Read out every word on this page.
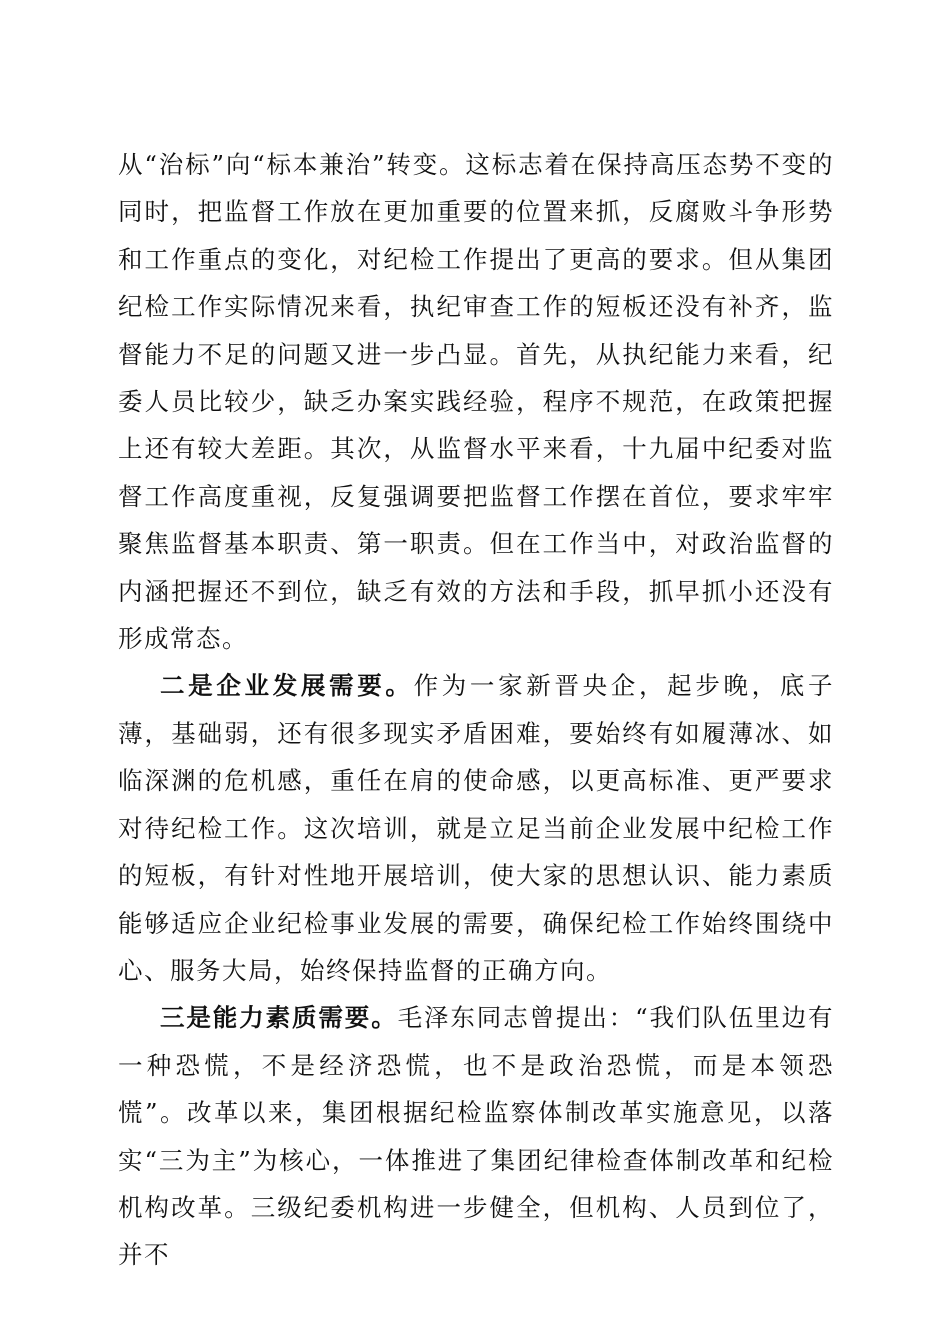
从“治标”向“标本兼治”转变。这标志着在保持高压态势不变的同时，把监督工作放在更加重要的位置来抓，反腐败斗争形势和工作重点的变化，对纪检工作提出了更高的要求。但从集团纪检工作实际情况来看，执纪审查工作的短板还没有补齐，监督能力不足的问题又进一步凸显。首先，从执纪能力来看，纪委人员比较少，缺乏办案实践经验，程序不规范，在政策把握上还有较大差距。其次，从监督水平来看，十九届中纪委对监督工作高度重视，反复强调要把监督工作摆在首位，要求牢牢聚焦监督基本职责、第一职责。但在工作当中，对政治监督的内涵把握还不到位，缺乏有效的方法和手段，抓早抓小还没有形成常态。

二是企业发展需要。作为一家新晋央企，起步晚，底子薄，基础弱，还有很多现实矛盾困难，要始终有如履薄冰、如临深渊的危机感，重任在肩的使命感，以更高标准、更严要求对待纪检工作。这次培训，就是立足当前企业发展中纪检工作的短板，有针对性地开展培训，使大家的思想认识、能力素质能够适应企业纪检事业发展的需要，确保纪检工作始终围绕中心、服务大局，始终保持监督的正确方向。

三是能力素质需要。毛泽东同志曾提出：“我们队伍里边有一种恐慌，不是经济恐慌，也不是政治恐慌，而是本领恐慌”。改革以来，集团根据纪检监察体制改革实施意见，以落实“三为主”为核心，一体推进了集团纪律检查体制改革和纪检机构改革。三级纪委机构进一步健全，但机构、人员到位了，并不
